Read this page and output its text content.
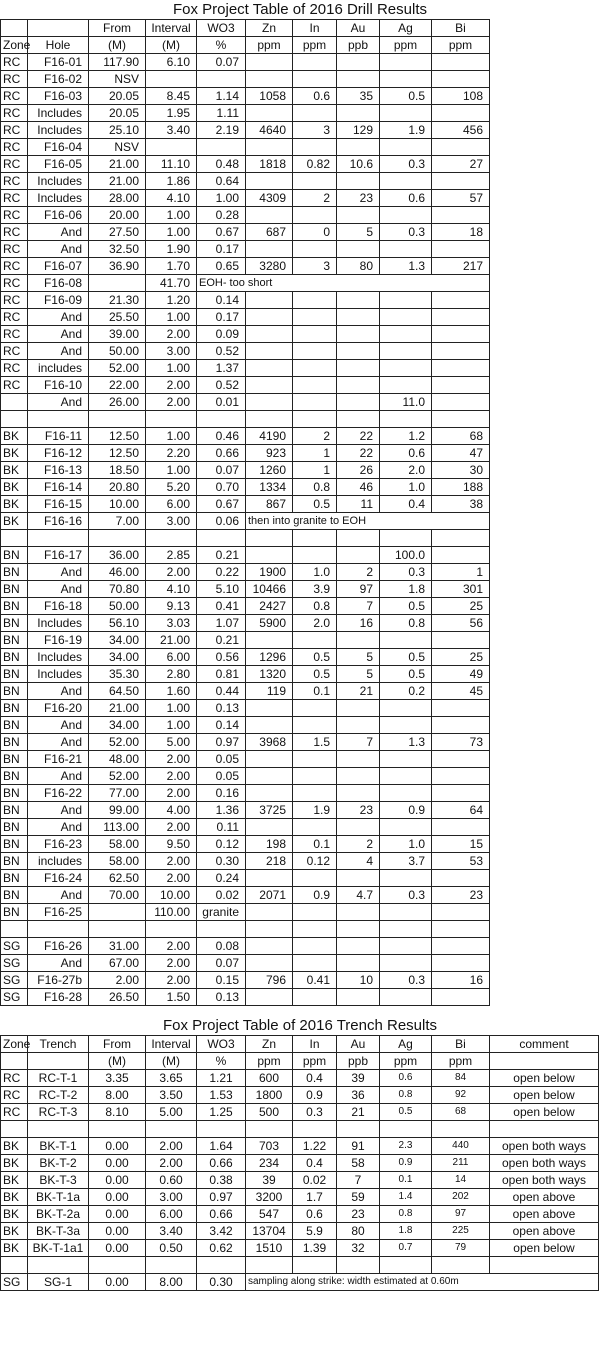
Fox Project Table of 2016 Drill Results
		From	Interval	WO3	Zn	In	Au	Ag	Bi
Zone	Hole	(M)	(M)	%	ppm	ppm	ppb	ppm	ppm
RC	F16-01	117.90	6.10	0.07					
RC	F16-02	NSV							
RC	F16-03	20.05	8.45	1.14	1058	0.6	35	0.5	108
RC	Includes	20.05	1.95	1.11					
RC	Includes	25.10	3.40	2.19	4640	3	129	1.9	456
RC	F16-04	NSV							
RC	F16-05	21.00	11.10	0.48	1818	0.82	10.6	0.3	27
RC	Includes	21.00	1.86	0.64					
RC	Includes	28.00	4.10	1.00	4309	2	23	0.6	57
RC	F16-06	20.00	1.00	0.28					
RC	And	27.50	1.00	0.67	687	0	5	0.3	18
RC	And	32.50	1.90	0.17					
RC	F16-07	36.90	1.70	0.65	3280	3	80	1.3	217
RC	F16-08		41.70	EOH- too short					
RC	F16-09	21.30	1.20	0.14					
RC	And	25.50	1.00	0.17					
RC	And	39.00	2.00	0.09					
RC	And	50.00	3.00	0.52					
RC	includes	52.00	1.00	1.37					
RC	F16-10	22.00	2.00	0.52					
	And	26.00	2.00	0.01				11.0	

BK	F16-11	12.50	1.00	0.46	4190	2	22	1.2	68
BK	F16-12	12.50	2.20	0.66	923	1	22	0.6	47
BK	F16-13	18.50	1.00	0.07	1260	1	26	2.0	30
BK	F16-14	20.80	5.20	0.70	1334	0.8	46	1.0	188
BK	F16-15	10.00	6.00	0.67	867	0.5	11	0.4	38
BK	F16-16	7.00	3.00	0.06	then into granite to EOH				

BN	F16-17	36.00	2.85	0.21				100.0	
BN	And	46.00	2.00	0.22	1900	1.0	2	0.3	1
BN	And	70.80	4.10	5.10	10466	3.9	97	1.8	301
BN	F16-18	50.00	9.13	0.41	2427	0.8	7	0.5	25
BN	Includes	56.10	3.03	1.07	5900	2.0	16	0.8	56
BN	F16-19	34.00	21.00	0.21					
BN	Includes	34.00	6.00	0.56	1296	0.5	5	0.5	25
BN	Includes	35.30	2.80	0.81	1320	0.5	5	0.5	49
BN	And	64.50	1.60	0.44	119	0.1	21	0.2	45
BN	F16-20	21.00	1.00	0.13					
BN	And	34.00	1.00	0.14					
BN	And	52.00	5.00	0.97	3968	1.5	7	1.3	73
BN	F16-21	48.00	2.00	0.05					
BN	And	52.00	2.00	0.05					
BN	F16-22	77.00	2.00	0.16					
BN	And	99.00	4.00	1.36	3725	1.9	23	0.9	64
BN	And	113.00	2.00	0.11					
BN	F16-23	58.00	9.50	0.12	198	0.1	2	1.0	15
BN	includes	58.00	2.00	0.30	218	0.12	4	3.7	53
BN	F16-24	62.50	2.00	0.24					
BN	And	70.00	10.00	0.02	2071	0.9	4.7	0.3	23
BN	F16-25		110.00	granite					

SG	F16-26	31.00	2.00	0.08					
SG	And	67.00	2.00	0.07					
SG	F16-27b	2.00	2.00	0.15	796	0.41	10	0.3	16
SG	F16-28	26.50	1.50	0.13					
Fox Project Table of 2016 Trench Results
Zone	Trench	From	Interval	WO3	Zn	In	Au	Ag	Bi	comment
		(M)	(M)	%	ppm	ppm	ppb	ppm	ppm	
RC	RC-T-1	3.35	3.65	1.21	600	0.4	39	0.6	84	open below
RC	RC-T-2	8.00	3.50	1.53	1800	0.9	36	0.8	92	open below
RC	RC-T-3	8.10	5.00	1.25	500	0.3	21	0.5	68	open below

BK	BK-T-1	0.00	2.00	1.64	703	1.22	91	2.3	440	open both ways
BK	BK-T-2	0.00	2.00	0.66	234	0.4	58	0.9	211	open both ways
BK	BK-T-3	0.00	0.60	0.38	39	0.02	7	0.1	14	open both ways
BK	BK-T-1a	0.00	3.00	0.97	3200	1.7	59	1.4	202	open above
BK	BK-T-2a	0.00	6.00	0.66	547	0.6	23	0.8	97	open above
BK	BK-T-3a	0.00	3.40	3.42	13704	5.9	80	1.8	225	open above
BK	BK-T-1a1	0.00	0.50	0.62	1510	1.39	32	0.7	79	open below

SG	SG-1	0.00	8.00	0.30	sampling along strike: width estimated at 0.60m					
